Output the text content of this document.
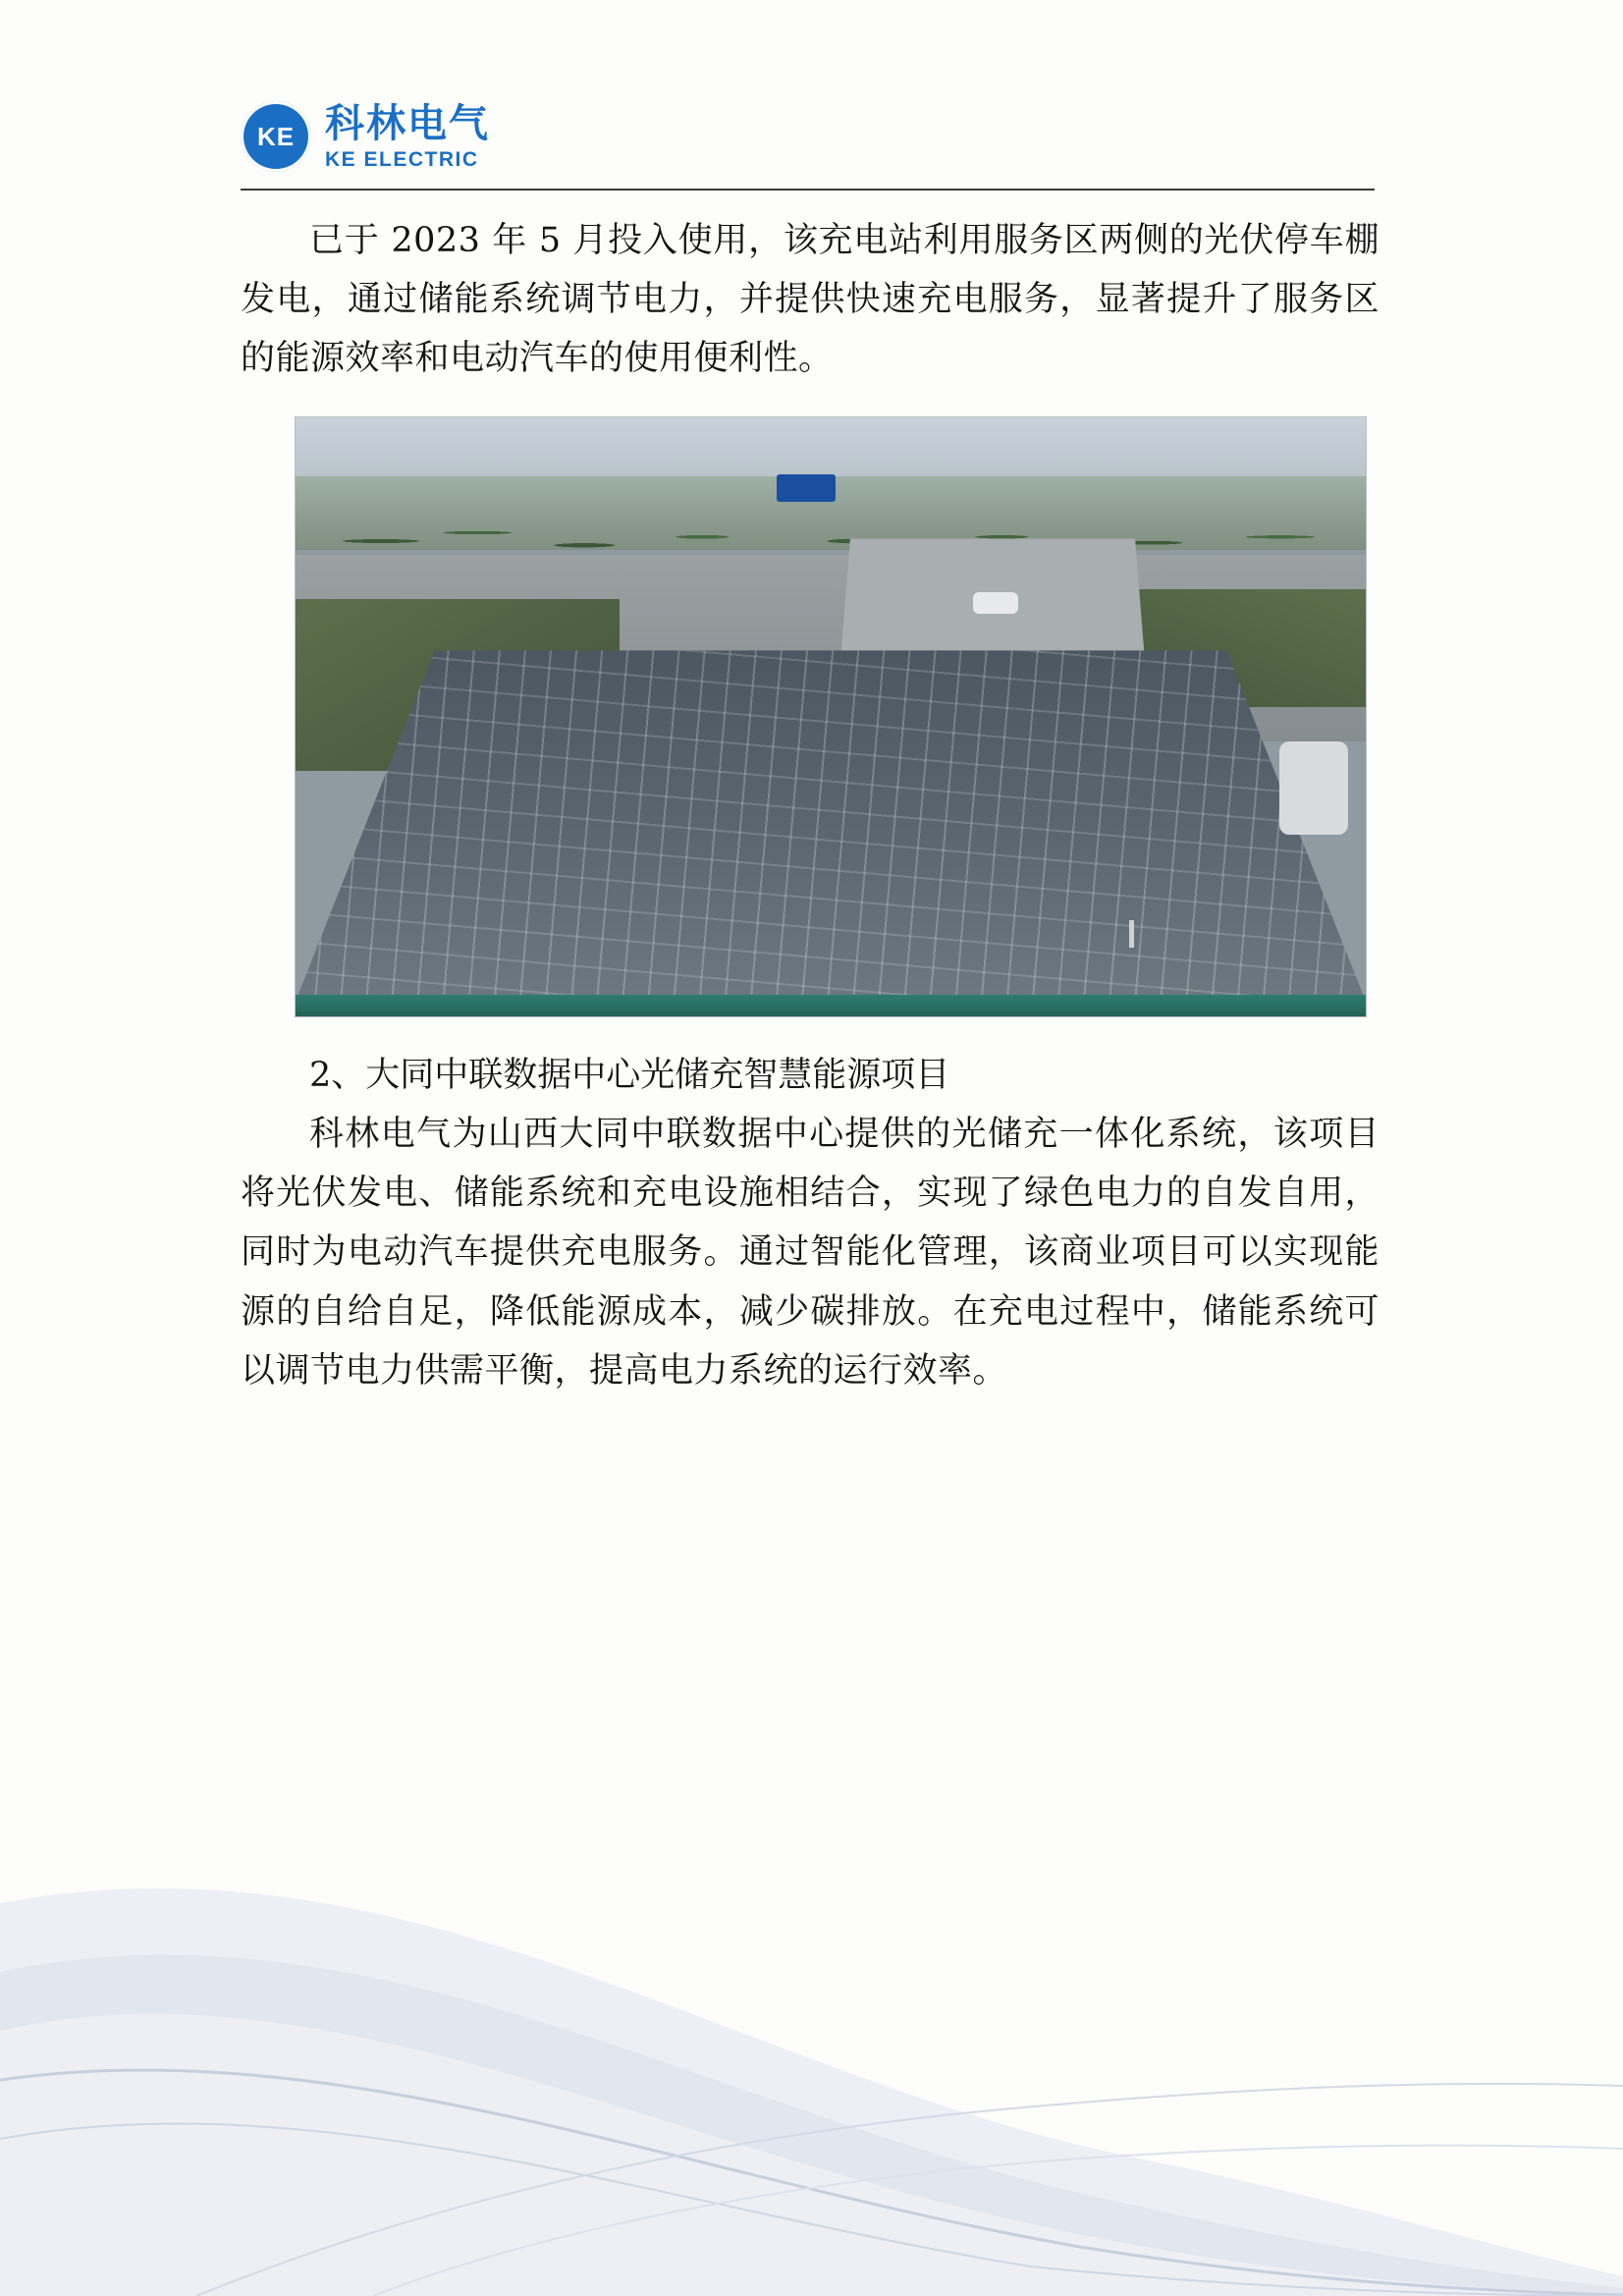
KE 科林电气
KE ELECTRIC

已于 2023 年 5 月投入使用，该充电站利用服务区两侧的光伏停车棚发电，通过储能系统调节电力，并提供快速充电服务，显著提升了服务区的能源效率和电动汽车的使用便利性。

2、大同中联数据中心光储充智慧能源项目

科林电气为山西大同中联数据中心提供的光储充一体化系统，该项目将光伏发电、储能系统和充电设施相结合，实现了绿色电力的自发自用，同时为电动汽车提供充电服务。通过智能化管理，该商业项目可以实现能源的自给自足，降低能源成本，减少碳排放。在充电过程中，储能系统可以调节电力供需平衡，提高电力系统的运行效率。
